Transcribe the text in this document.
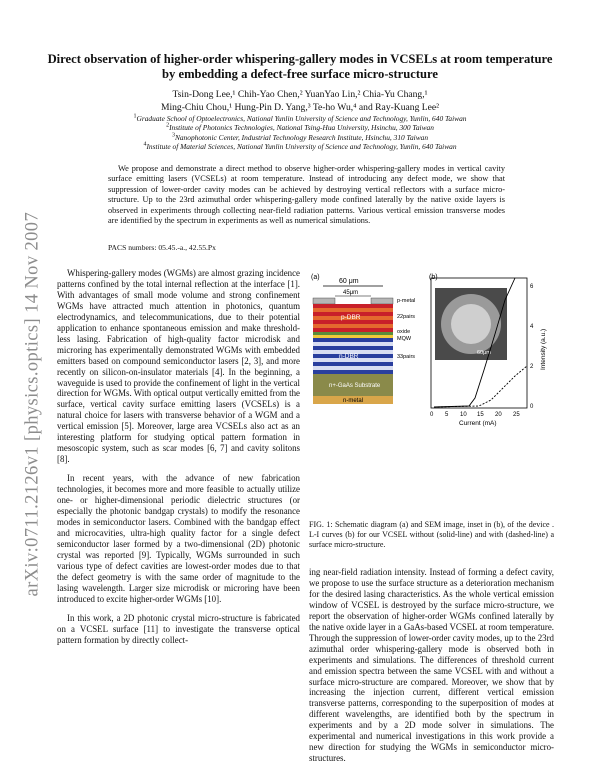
arXiv:0711.2126v1 [physics.optics] 14 Nov 2007
Direct observation of higher-order whispering-gallery modes in VCSELs at room temperature by embedding a defect-free surface micro-structure
Tsin-Dong Lee,¹ Chih-Yao Chen,² YuanYao Lin,² Chia-Yu Chang,¹
Ming-Chiu Chou,¹ Hung-Pin D. Yang,³ Te-ho Wu,⁴ and Ray-Kuang Lee²
$^1$Graduate School of Optoelectronics, National Yunlin University of Science and Technology, Yunlin, 640 Taiwan
$^2$Institute of Photonics Technologies, National Tsing-Hua University, Hsinchu, 300 Taiwan
$^3$Nanophotonic Center, Industrial Technology Research Institute, Hsinchu, 310 Taiwan
$^4$Institute of Material Sciences, National Yunlin University of Science and Technology, Yunlin, 640 Taiwan
We propose and demonstrate a direct method to observe higher-order whispering-gallery modes in vertical cavity surface emitting lasers (VCSELs) at room temperature. Instead of introducing any defect mode, we show that suppression of lower-order cavity modes can be achieved by destroying vertical reflectors with a surface micro-structure. Up to the 23rd azimuthal order whispering-gallery mode confined laterally by the native oxide layers is observed in experiments through collecting near-field radiation patterns. Various vertical emission transverse modes are identified by the spectrum in experiments as well as numerical simulations.
PACS numbers: 05.45.-a., 42.55.Px

Whispering-gallery modes (WGMs) are almost grazing incidence patterns confined by the total internal reflection at the interface [1]. With advantages of small mode volume and strong confinement WGMs have attracted much attention in photonics, quantum electrodynamics, and telecommunications, due to their potential application to enhance spontaneous emission and make threshold-less lasing. Fabrication of high-quality factor microdisk and microring has experimentally demonstrated WGMs with embedded emitters based on compound semiconductor lasers [2, 3], and more recently on silicon-on-insulator materials [4]. In the beginning, a waveguide is used to provide the confinement of light in the vertical direction for WGMs. With optical output vertically emitted from the surface, vertical cavity surface emitting lasers (VCSELs) is a natural choice for lasers with transverse behavior of a WGM and a vertical emission [5]. Moreover, large area VCSELs also act as an interesting platform for studying optical pattern formation in mesoscopic system, such as scar modes [6, 7] and cavity solitons [8].

In recent years, with the advance of new fabrication technologies, it becomes more and more feasible to actually utilize one- or higher-dimensional periodic dielectric structures (or especially the photonic bandgap crystals) to modify the resonance modes in semiconductor lasers. Combined with the bandgap effect and microcavities, ultra-high quality factor for a single defect semiconductor laser formed by a two-dimensional (2D) photonic crystal was reported [9]. Typically, WGMs surrounded in such various type of defect cavities are lowest-order modes due to that the defect geometry is with the same order of magnitude to the lasing wavelength. Larger size microdisk or microring have been introduced to excite higher-order WGMs [10].

In this work, a 2D photonic crystal micro-structure is fabricated on a VCSEL surface [11] to investigate the transverse optical pattern formation by directly collect-

(a)
60 μm
45μm
p-DBR
n-DBR
n+-GaAs Substrate
n-metal
p-metal
22pairs
oxide
MQW
33pairs
(b)
60μm
0 5 10 15 20 25
Current (mA)
0
2
4
6
Intensity (a.u.)
FIG. 1: Schematic diagram (a) and SEM image, inset in (b), of the device . L-I curves (b) for our VCSEL without (solid-line) and with (dashed-line) a surface micro-structure.

ing near-field radiation intensity. Instead of forming a defect cavity, we propose to use the surface structure as a deterioration mechanism for the desired lasing characteristics. As the whole vertical emission window of VCSEL is destroyed by the surface micro-structure, we report the observation of higher-order WGMs confined laterally by the native oxide layer in a GaAs-based VCSEL at room temperature. Through the suppression of lower-order cavity modes, up to the 23rd azimuthal order whispering-gallery mode is observed both in experiments and simulations. The differences of threshold current and emission spectra between the same VCSEL with and without a surface micro-structure are compared. Moreover, we show that by increasing the injection current, different vertical emission transverse patterns, corresponding to the superposition of modes at different wavelengths, are identified both by the spectrum in experiments and by a 2D mode solver in simulations. The experimental and numerical investigations in this work provide a new direction for studying the WGMs in semiconductor micro-structures.
